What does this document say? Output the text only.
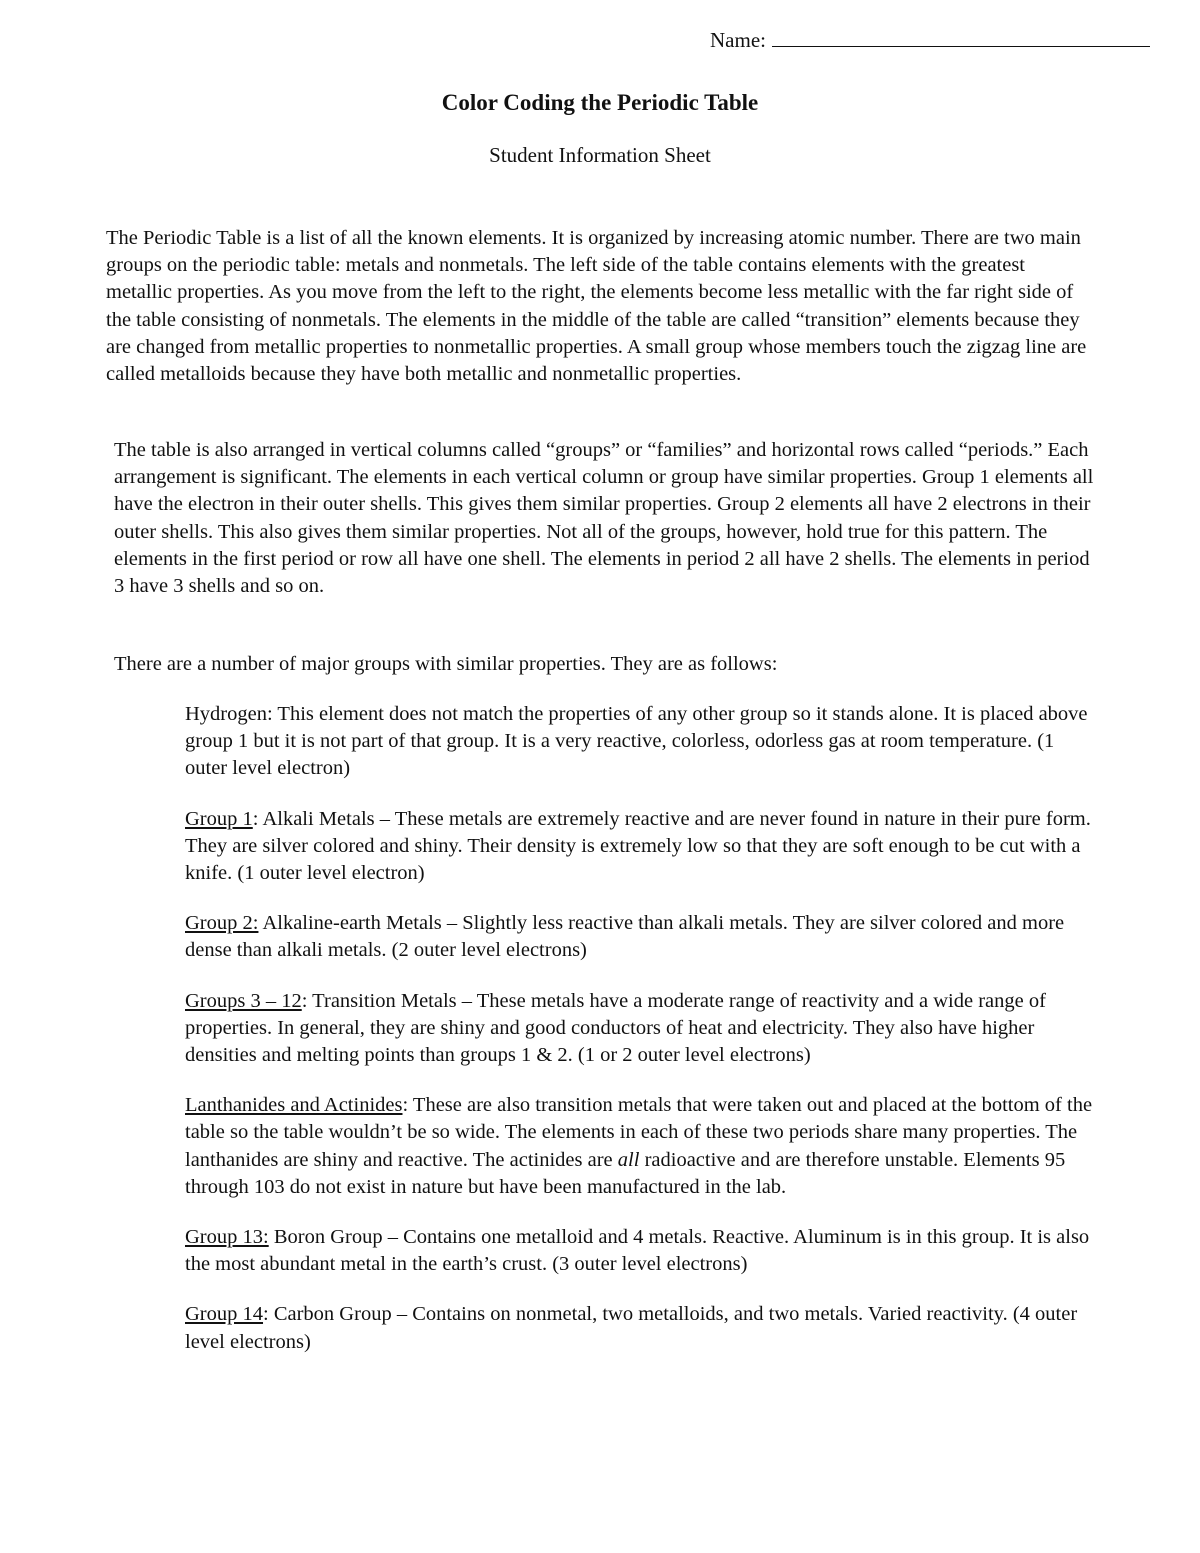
Name:
Color Coding the Periodic Table
Student Information Sheet

The Periodic Table is a list of all the known elements. It is organized by increasing atomic number. There are two main groups on the periodic table: metals and nonmetals. The left side of the table contains elements with the greatest metallic properties. As you move from the left to the right, the elements become less metallic with the far right side of the table consisting of nonmetals. The elements in the middle of the table are called “transition” elements because they are changed from metallic properties to nonmetallic properties. A small group whose members touch the zigzag line are called metalloids because they have both metallic and nonmetallic properties.

The table is also arranged in vertical columns called “groups” or “families” and horizontal rows called “periods.” Each arrangement is significant. The elements in each vertical column or group have similar properties. Group 1 elements all have the electron in their outer shells. This gives them similar properties. Group 2 elements all have 2 electrons in their outer shells. This also gives them similar properties. Not all of the groups, however, hold true for this pattern. The elements in the first period or row all have one shell. The elements in period 2 all have 2 shells. The elements in period 3 have 3 shells and so on.

There are a number of major groups with similar properties. They are as follows:

Hydrogen: This element does not match the properties of any other group so it stands alone. It is placed above group 1 but it is not part of that group. It is a very reactive, colorless, odorless gas at room temperature. (1 outer level electron)

Group 1: Alkali Metals – These metals are extremely reactive and are never found in nature in their pure form. They are silver colored and shiny. Their density is extremely low so that they are soft enough to be cut with a knife. (1 outer level electron)

Group 2: Alkaline-earth Metals – Slightly less reactive than alkali metals. They are silver colored and more dense than alkali metals. (2 outer level electrons)

Groups 3 – 12: Transition Metals – These metals have a moderate range of reactivity and a wide range of properties. In general, they are shiny and good conductors of heat and electricity. They also have higher densities and melting points than groups 1 & 2. (1 or 2 outer level electrons)

Lanthanides and Actinides: These are also transition metals that were taken out and placed at the bottom of the table so the table wouldn’t be so wide. The elements in each of these two periods share many properties. The lanthanides are shiny and reactive. The actinides are all radioactive and are therefore unstable. Elements 95 through 103 do not exist in nature but have been manufactured in the lab.

Group 13: Boron Group – Contains one metalloid and 4 metals. Reactive. Aluminum is in this group. It is also the most abundant metal in the earth’s crust. (3 outer level electrons)

Group 14: Carbon Group – Contains on nonmetal, two metalloids, and two metals. Varied reactivity. (4 outer level electrons)
